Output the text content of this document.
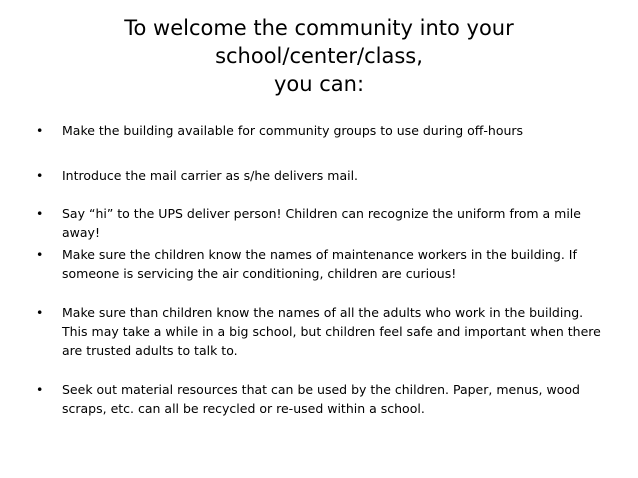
To welcome the community into your
school/center/class,
you can:
•	Make the building available for community groups to use during off-hours
•	Introduce the mail carrier as s/he delivers mail.
•	Say “hi” to the UPS deliver person! Children can recognize the uniform from a mile away!
•	Make sure the children know the names of maintenance workers in the building. If someone is servicing the air conditioning, children are curious!
•	Make sure than children know the names of all the adults who work in the building. This may take a while in a big school, but children feel safe and important when there are trusted adults to talk to.
•	Seek out material resources that can be used by the children. Paper, menus, wood scraps, etc. can all be recycled or re-used within a school.
